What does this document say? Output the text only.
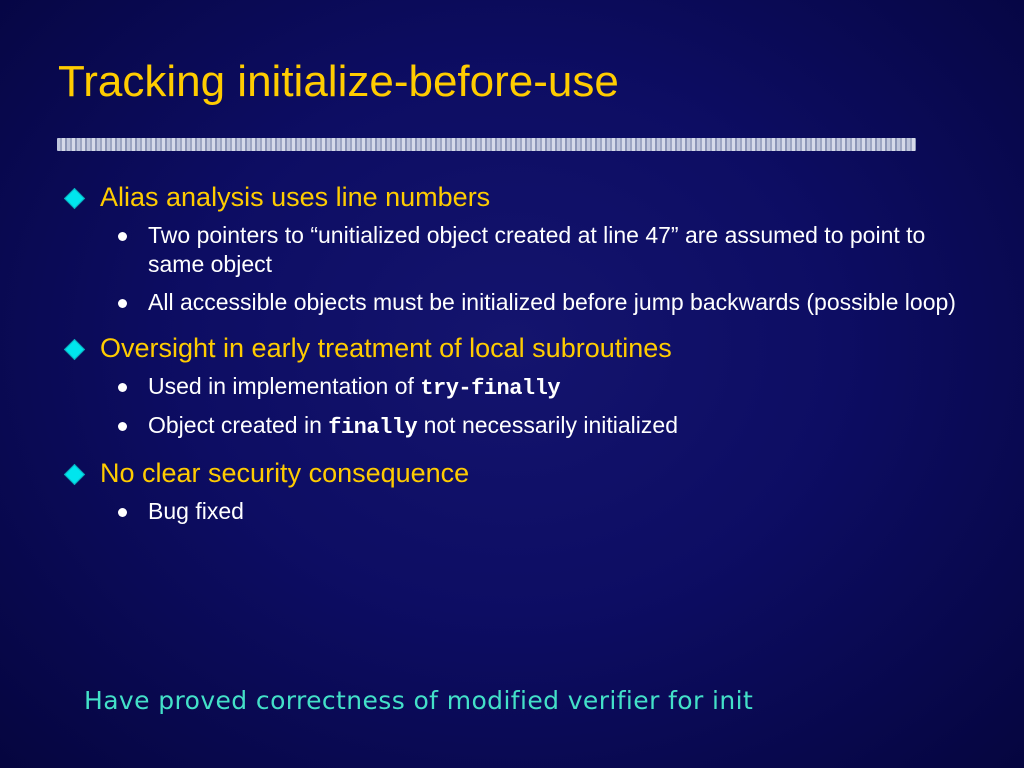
Tracking initialize-before-use
Alias analysis uses line numbers
Two pointers to “unitialized object created at line 47” are assumed to point to same object
All accessible objects must be initialized before jump backwards (possible loop)
Oversight in early treatment of local subroutines
Used in implementation of try-finally
Object created in finally not necessarily initialized
No clear security consequence
Bug fixed
Have proved correctness of modified verifier for init
